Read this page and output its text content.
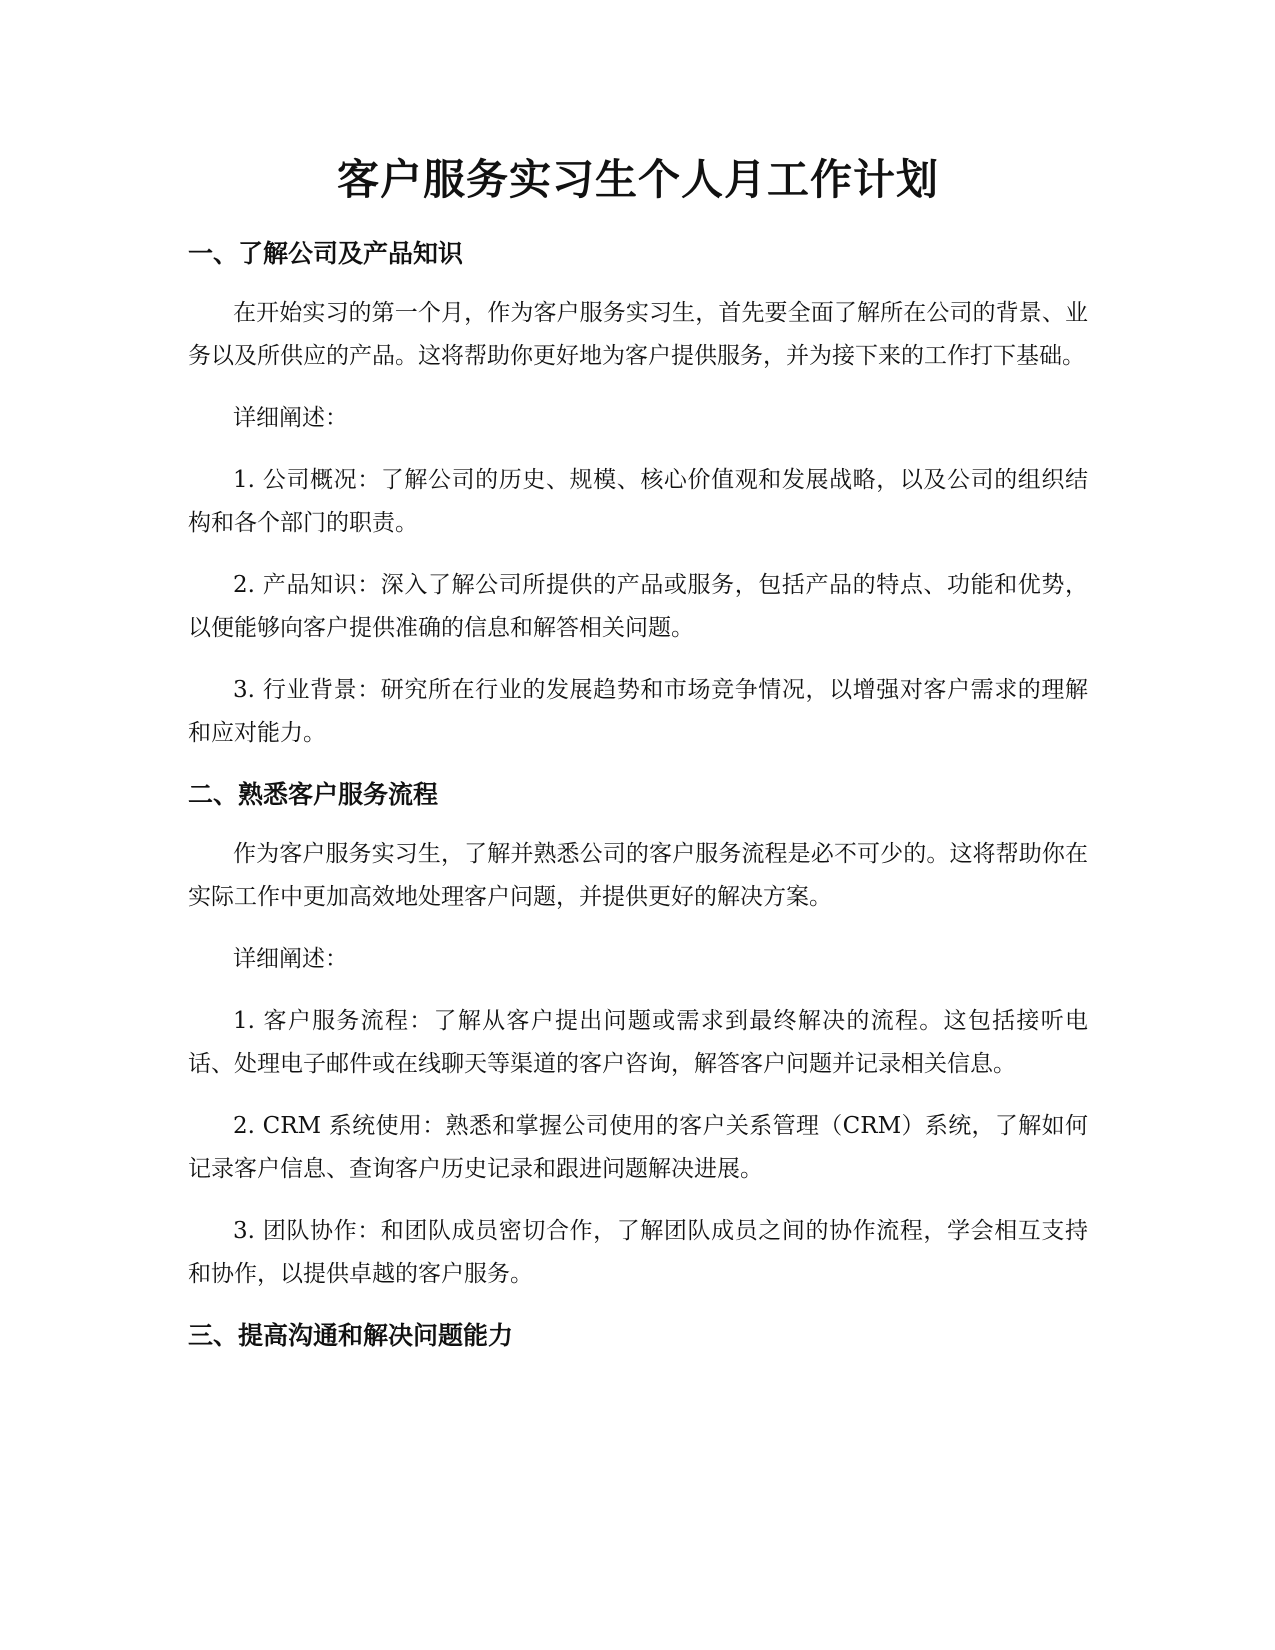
客户服务实习生个人月工作计划
一、了解公司及产品知识

在开始实习的第一个月，作为客户服务实习生，首先要全面了解所在公司的背景、业务以及所供应的产品。这将帮助你更好地为客户提供服务，并为接下来的工作打下基础。

详细阐述：

1. 公司概况：了解公司的历史、规模、核心价值观和发展战略，以及公司的组织结构和各个部门的职责。

2. 产品知识：深入了解公司所提供的产品或服务，包括产品的特点、功能和优势，以便能够向客户提供准确的信息和解答相关问题。

3. 行业背景：研究所在行业的发展趋势和市场竞争情况，以增强对客户需求的理解和应对能力。

二、熟悉客户服务流程

作为客户服务实习生，了解并熟悉公司的客户服务流程是必不可少的。这将帮助你在实际工作中更加高效地处理客户问题，并提供更好的解决方案。

详细阐述：

1. 客户服务流程：了解从客户提出问题或需求到最终解决的流程。这包括接听电话、处理电子邮件或在线聊天等渠道的客户咨询，解答客户问题并记录相关信息。

2. CRM 系统使用：熟悉和掌握公司使用的客户关系管理（CRM）系统，了解如何记录客户信息、查询客户历史记录和跟进问题解决进展。

3. 团队协作：和团队成员密切合作，了解团队成员之间的协作流程，学会相互支持和协作，以提供卓越的客户服务。

三、提高沟通和解决问题能力
